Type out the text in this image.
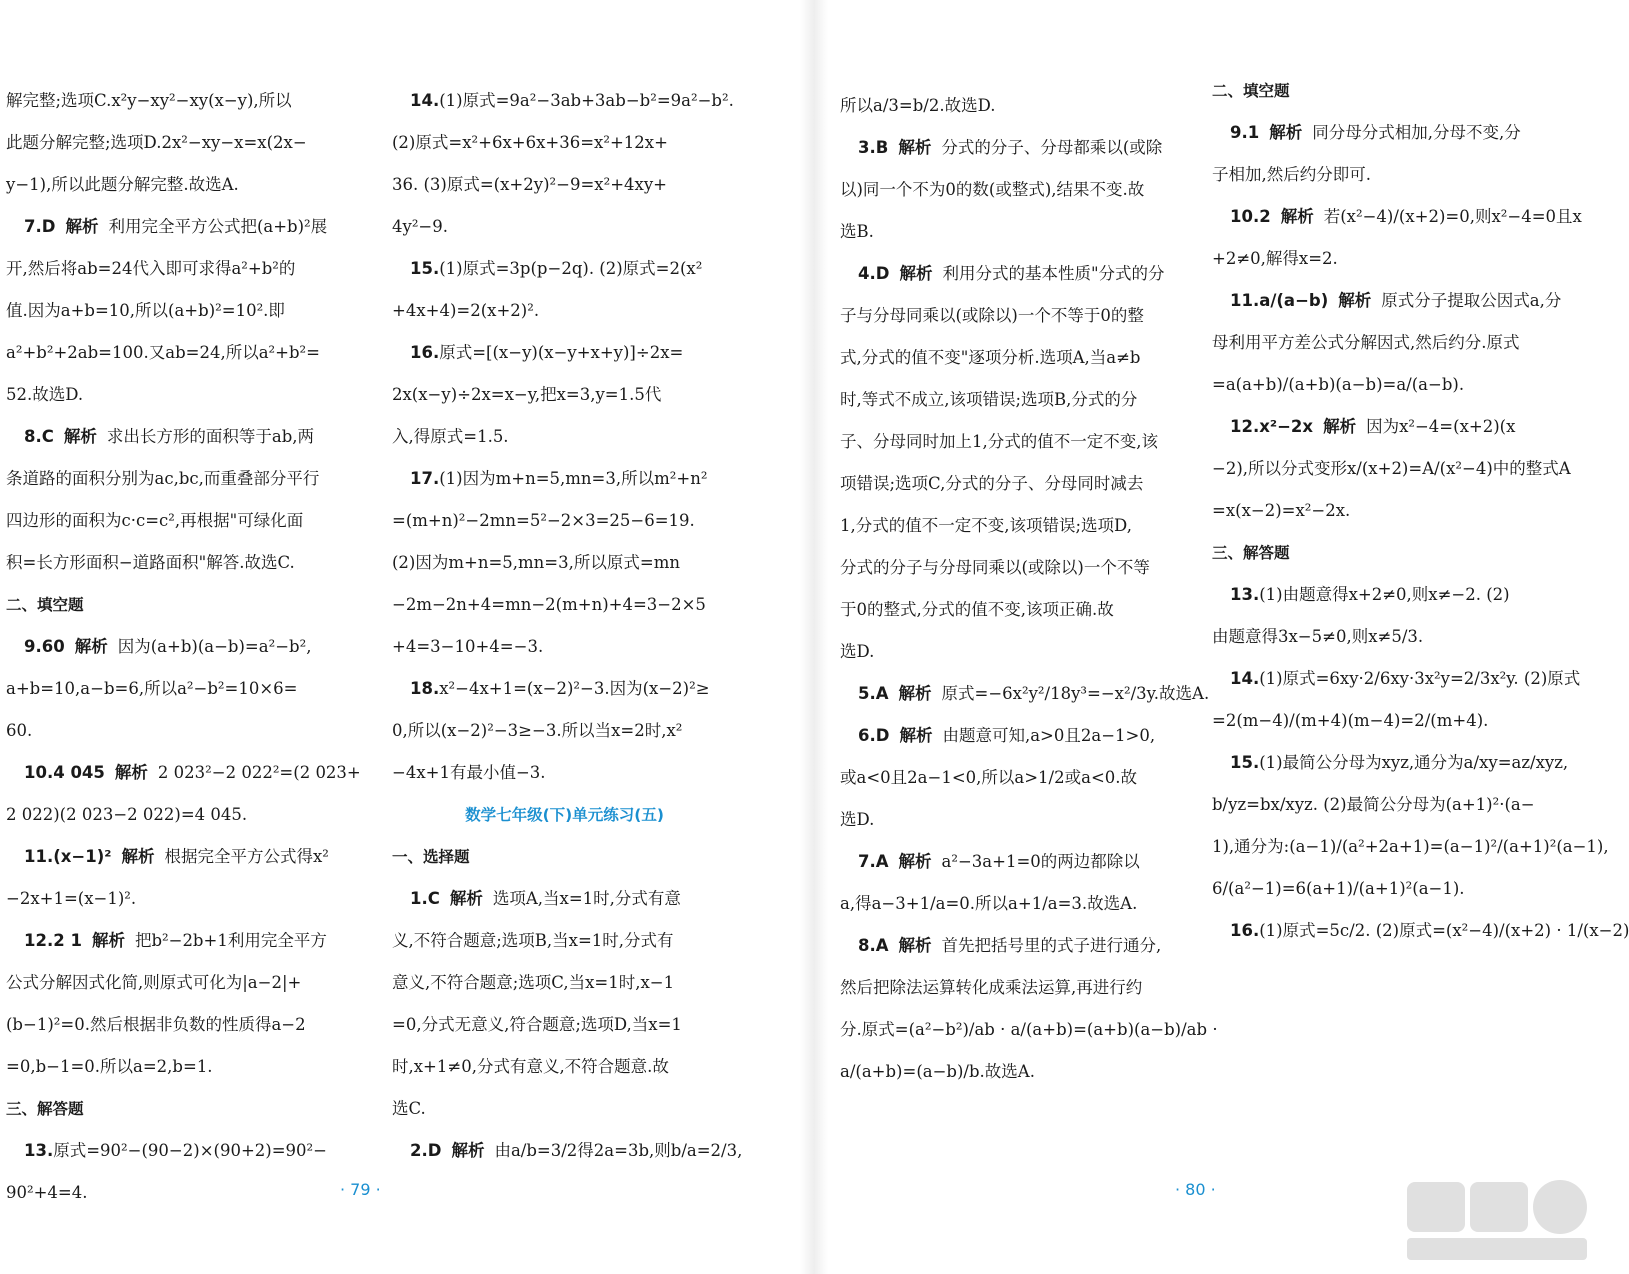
解完整;选项C.x²y−xy²−xy(x−y),所以

此题分解完整;选项D.2x²−xy−x=x(2x−

y−1),所以此题分解完整.故选A.

7.D 解析 利用完全平方公式把(a+b)²展

开,然后将ab=24代入即可求得a²+b²的

值.因为a+b=10,所以(a+b)²=10².即

a²+b²+2ab=100.又ab=24,所以a²+b²=

52.故选D.

8.C 解析 求出长方形的面积等于ab,两

条道路的面积分别为ac,bc,而重叠部分平行

四边形的面积为c·c=c²,再根据"可绿化面

积=长方形面积−道路面积"解答.故选C.

二、填空题

9.60 解析 因为(a+b)(a−b)=a²−b²,

a+b=10,a−b=6,所以a²−b²=10×6=

60.

10.4 045 解析 2 023²−2 022²=(2 023+

2 022)(2 023−2 022)=4 045.

11.(x−1)² 解析 根据完全平方公式得x²

−2x+1=(x−1)².

12.2 1 解析 把b²−2b+1利用完全平方

公式分解因式化简,则原式可化为|a−2|+

(b−1)²=0.然后根据非负数的性质得a−2

=0,b−1=0.所以a=2,b=1.

三、解答题

13.原式=90²−(90−2)×(90+2)=90²−

90²+4=4.

14.(1)原式=9a²−3ab+3ab−b²=9a²−b².

(2)原式=x²+6x+6x+36=x²+12x+

36. (3)原式=(x+2y)²−9=x²+4xy+

4y²−9.

15.(1)原式=3p(p−2q). (2)原式=2(x²

+4x+4)=2(x+2)².

16.原式=[(x−y)(x−y+x+y)]÷2x=

2x(x−y)÷2x=x−y,把x=3,y=1.5代

入,得原式=1.5.

17.(1)因为m+n=5,mn=3,所以m²+n²

=(m+n)²−2mn=5²−2×3=25−6=19.

(2)因为m+n=5,mn=3,所以原式=mn

−2m−2n+4=mn−2(m+n)+4=3−2×5

+4=3−10+4=−3.

18.x²−4x+1=(x−2)²−3.因为(x−2)²≥

0,所以(x−2)²−3≥−3.所以当x=2时,x²

−4x+1有最小值−3.

数学七年级(下)单元练习(五)

一、选择题

1.C 解析 选项A,当x=1时,分式有意

义,不符合题意;选项B,当x=1时,分式有

意义,不符合题意;选项C,当x=1时,x−1

=0,分式无意义,符合题意;选项D,当x=1

时,x+1≠0,分式有意义,不符合题意.故

选C.

2.D 解析 由a/b=3/2得2a=3b,则b/a=2/3,

所以a/3=b/2.故选D.

3.B 解析 分式的分子、分母都乘以(或除

以)同一个不为0的数(或整式),结果不变.故

选B.

4.D 解析 利用分式的基本性质"分式的分

子与分母同乘以(或除以)一个不等于0的整

式,分式的值不变"逐项分析.选项A,当a≠b

时,等式不成立,该项错误;选项B,分式的分

子、分母同时加上1,分式的值不一定不变,该

项错误;选项C,分式的分子、分母同时减去

1,分式的值不一定不变,该项错误;选项D,

分式的分子与分母同乘以(或除以)一个不等

于0的整式,分式的值不变,该项正确.故

选D.

5.A 解析 原式=−6x²y²/18y³=−x²/3y.故选A.

6.D 解析 由题意可知,a>0且2a−1>0,

或a<0且2a−1<0,所以a>1/2或a<0.故

选D.

7.A 解析 a²−3a+1=0的两边都除以

a,得a−3+1/a=0.所以a+1/a=3.故选A.

8.A 解析 首先把括号里的式子进行通分,

然后把除法运算转化成乘法运算,再进行约

分.原式=(a²−b²)/ab · a/(a+b)=(a+b)(a−b)/ab ·

a/(a+b)=(a−b)/b.故选A.

二、填空题

9.1 解析 同分母分式相加,分母不变,分

子相加,然后约分即可.

10.2 解析 若(x²−4)/(x+2)=0,则x²−4=0且x

+2≠0,解得x=2.

11.a/(a−b) 解析 原式分子提取公因式a,分

母利用平方差公式分解因式,然后约分.原式

=a(a+b)/(a+b)(a−b)=a/(a−b).

12.x²−2x 解析 因为x²−4=(x+2)(x

−2),所以分式变形x/(x+2)=A/(x²−4)中的整式A

=x(x−2)=x²−2x.

三、解答题

13.(1)由题意得x+2≠0,则x≠−2. (2)

由题意得3x−5≠0,则x≠5/3.

14.(1)原式=6xy·2/6xy·3x²y=2/3x²y. (2)原式

=2(m−4)/(m+4)(m−4)=2/(m+4).

15.(1)最简公分母为xyz,通分为a/xy=az/xyz,

b/yz=bx/xyz. (2)最简公分母为(a+1)²·(a−

1),通分为:(a−1)/(a²+2a+1)=(a−1)²/(a+1)²(a−1),

6/(a²−1)=6(a+1)/(a+1)²(a−1).

16.(1)原式=5c/2. (2)原式=(x²−4)/(x+2) · 1/(x−2)

· 79 ·	· 80 ·
